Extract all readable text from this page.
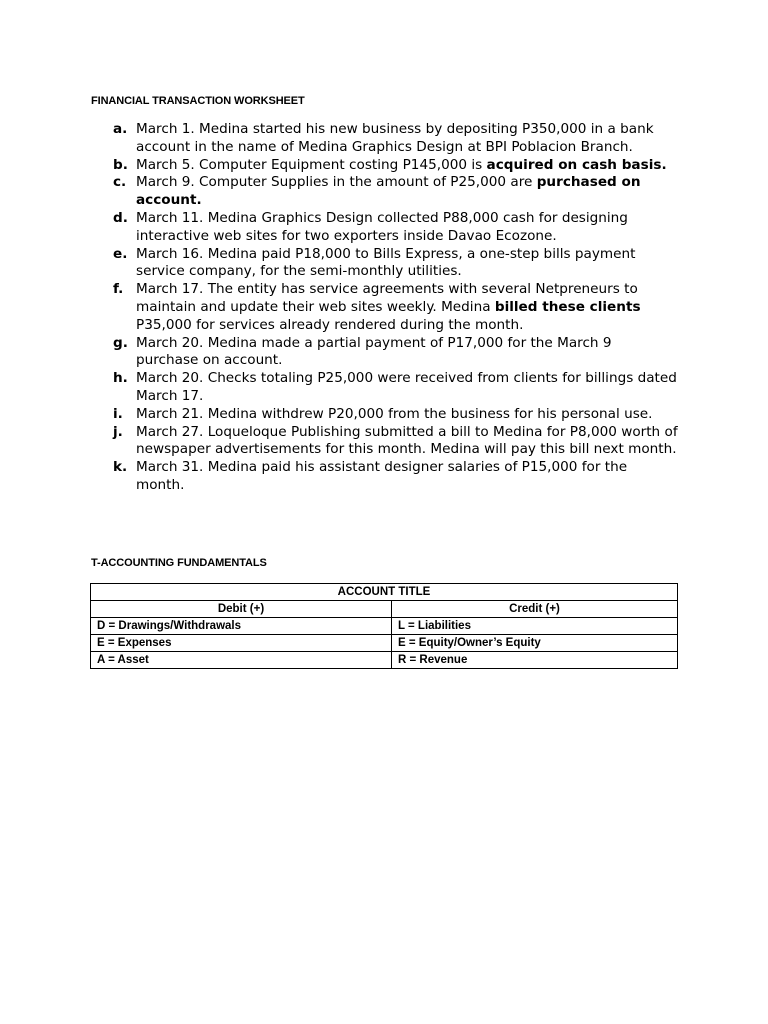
FINANCIAL TRANSACTION WORKSHEET
a. March 1. Medina started his new business by depositing P350,000 in a bank account in the name of Medina Graphics Design at BPI Poblacion Branch.
b. March 5. Computer Equipment costing P145,000 is acquired on cash basis.
c. March 9. Computer Supplies in the amount of P25,000 are purchased on account.
d. March 11. Medina Graphics Design collected P88,000 cash for designing interactive web sites for two exporters inside Davao Ecozone.
e. March 16. Medina paid P18,000 to Bills Express, a one-step bills payment service company, for the semi-monthly utilities.
f. March 17. The entity has service agreements with several Netpreneurs to maintain and update their web sites weekly. Medina billed these clients P35,000 for services already rendered during the month.
g. March 20. Medina made a partial payment of P17,000 for the March 9 purchase on account.
h. March 20. Checks totaling P25,000 were received from clients for billings dated March 17.
i. March 21. Medina withdrew P20,000 from the business for his personal use.
j. March 27. Loqueloque Publishing submitted a bill to Medina for P8,000 worth of newspaper advertisements for this month. Medina will pay this bill next month.
k. March 31. Medina paid his assistant designer salaries of P15,000 for the month.
T-ACCOUNTING FUNDAMENTALS
ACCOUNT TITLE	
Debit (+)	Credit (+)
D = Drawings/Withdrawals	L = Liabilities
E = Expenses	E = Equity/Owner’s Equity
A = Asset	R = Revenue
